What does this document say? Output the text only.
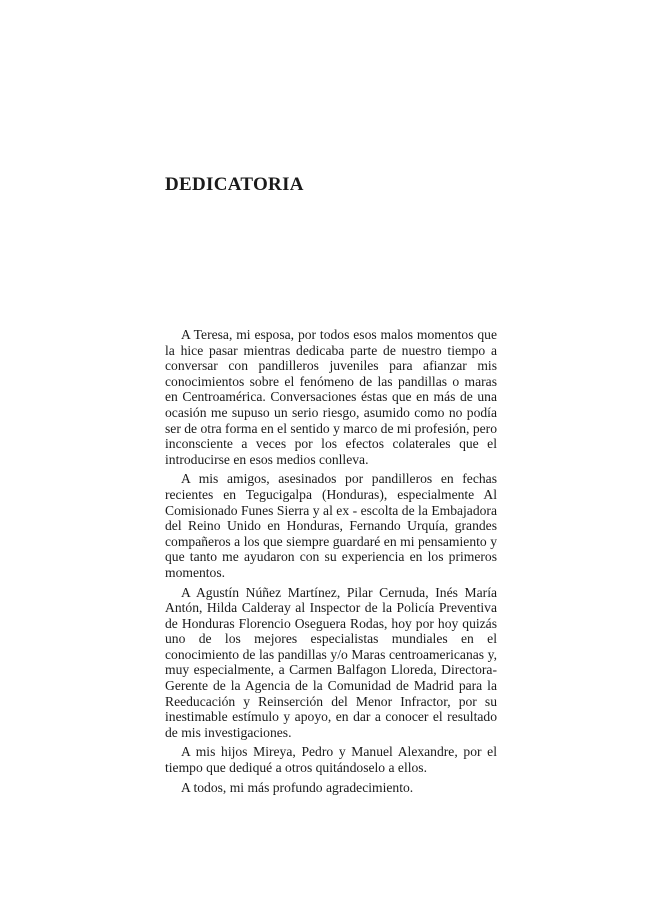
DEDICATORIA

A Teresa, mi esposa, por todos esos malos momentos que la hice pasar mientras dedicaba parte de nuestro tiempo a conversar con pandilleros juveniles para afianzar mis conocimientos sobre el fenómeno de las pandillas o maras en Centroamérica. Conversaciones éstas que en más de una ocasión me supuso un serio riesgo, asumido como no podía ser de otra forma en el sentido y marco de mi profesión, pero inconsciente a veces por los efectos colaterales que el introducirse en esos medios conlleva.

A mis amigos, asesinados por pandilleros en fechas recientes en Tegucigalpa (Honduras), especialmente Al Comisionado Funes Sierra y al ex - escolta de la Embajadora del Reino Unido en Honduras, Fernando Urquía, grandes compañeros a los que siempre guardaré en mi pensamiento y que tanto me ayudaron con su experiencia en los primeros momentos.

A Agustín Núñez Martínez, Pilar Cernuda, Inés María Antón, Hilda Calderay al Inspector de la Policía Preventiva de Honduras Florencio Oseguera Rodas, hoy por hoy quizás uno de los mejores especialistas mundiales en el conocimiento de las pandillas y/o Maras centroamericanas y, muy especialmente, a Carmen Balfagon Lloreda, Directora-Gerente de la Agencia de la Comunidad de Madrid para la Reeducación y Reinserción del Menor Infractor, por su inestimable estímulo y apoyo, en dar a conocer el resultado de mis investigaciones.

A mis hijos Mireya, Pedro y Manuel Alexandre, por el tiempo que dediqué a otros quitándoselo a ellos.

A todos, mi más profundo agradecimiento.
